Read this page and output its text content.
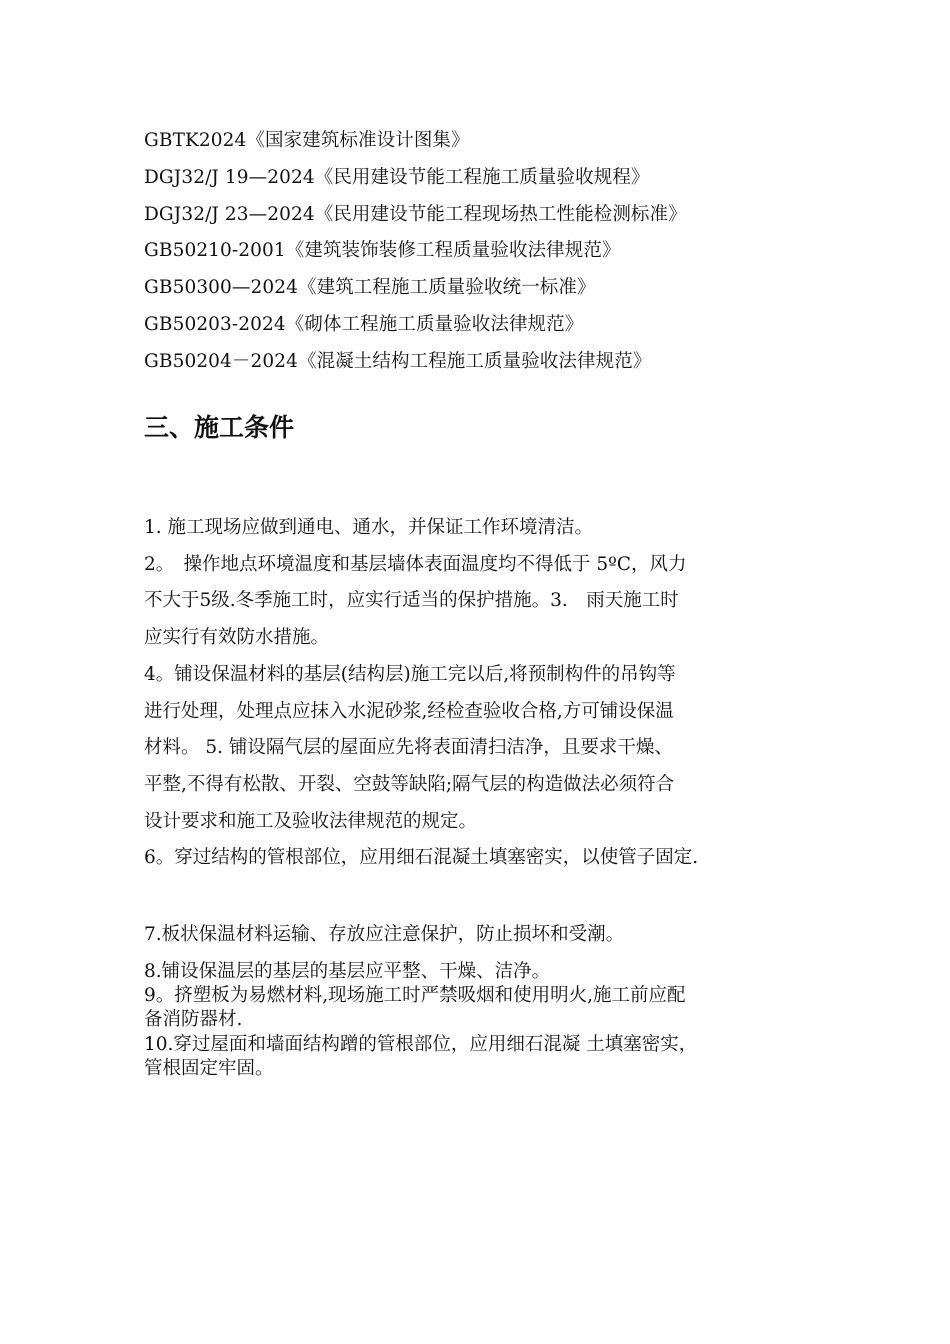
GBTK2024《国家建筑标准设计图集》
DGJ32/J 19—2024《民用建设节能工程施工质量验收规程》
DGJ32/J 23—2024《民用建设节能工程现场热工性能检测标准》
GB50210-2001《建筑装饰装修工程质量验收法律规范》
GB50300—2024《建筑工程施工质量验收统一标准》
GB50203-2024《砌体工程施工质量验收法律规范》
GB50204－2024《混凝土结构工程施工质量验收法律规范》
三、施工条件
1. 施工现场应做到通电、通水，并保证工作环境清洁。
2。　操作地点环境温度和基层墙体表面温度均不得低于 5ºC，风力
不大于5级.冬季施工时，应实行适当的保护措施。3.　雨天施工时
应实行有效防水措施。
4。铺设保温材料的基层(结构层)施工完以后,将预制构件的吊钩等
进行处理，处理点应抹入水泥砂浆,经检查验收合格,方可铺设保温
材料。 5. 铺设隔气层的屋面应先将表面清扫洁净，且要求干燥、
平整,不得有松散、开裂、空鼓等缺陷;隔气层的构造做法必须符合
设计要求和施工及验收法律规范的规定。
6。穿过结构的管根部位，应用细石混凝土填塞密实，以使管子固定.
7.板状保温材料运输、存放应注意保护，防止损坏和受潮。
8.铺设保温层的基层的基层应平整、干燥、洁净。
9。挤塑板为易燃材料,现场施工时严禁吸烟和使用明火,施工前应配
备消防器材.
10.穿过屋面和墙面结构蹭的管根部位，应用细石混凝 土填塞密实，
管根固定牢固。
